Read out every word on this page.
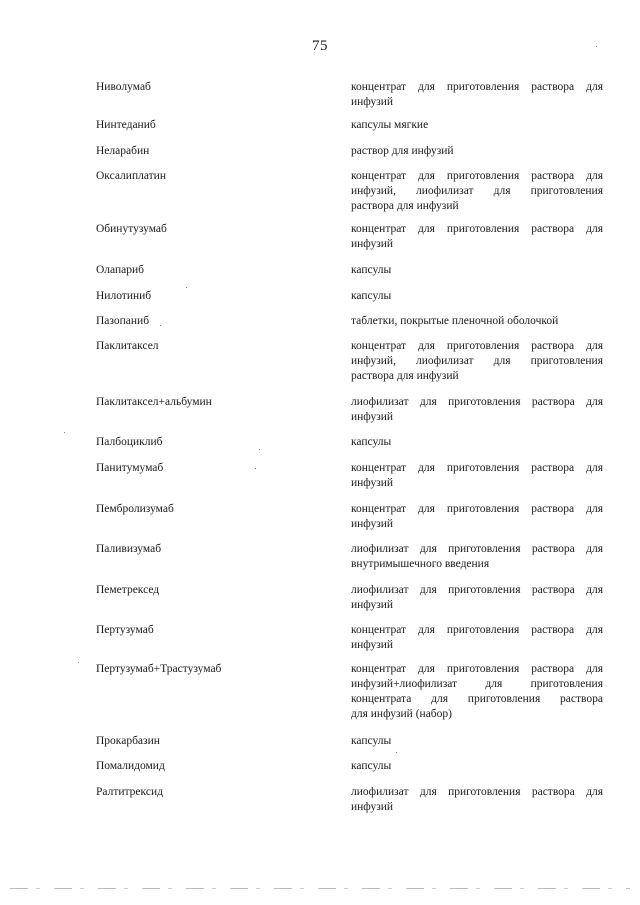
75
Ниволумаб	концентрат для приготовления раствора для
инфузий
Нинтеданиб	капсулы мягкие
Неларабин	раствор для инфузий
Оксалиплатин	концентрат для приготовления раствора для
инфузий, лиофилизат для приготовления
раствора для инфузий
Обинутузумаб	концентрат для приготовления раствора для
инфузий
Олапариб	капсулы
Нилотиниб	капсулы
Пазопаниб	таблетки, покрытые пленочной оболочкой
Паклитаксел	концентрат для приготовления раствора для
инфузий, лиофилизат для приготовления
раствора для инфузий
Паклитаксел+альбумин	лиофилизат для приготовления раствора для
инфузий
Палбоциклиб	капсулы
Панитумумаб	концентрат для приготовления раствора для
инфузий
Пембролизумаб	концентрат для приготовления раствора для
инфузий
Паливизумаб	лиофилизат для приготовления раствора для
внутримышечного введения
Пеметрексед	лиофилизат для приготовления раствора для
инфузий
Пертузумаб	концентрат для приготовления раствора для
инфузий
Пертузумаб+Трастузумаб	концентрат для приготовления раствора для
инфузий+лиофилизат для приготовления
концентрата для приготовления раствора
для инфузий (набор)
Прокарбазин	капсулы
Помалидомид	капсулы
Ралтитрексид	лиофилизат для приготовления раствора для
инфузий
